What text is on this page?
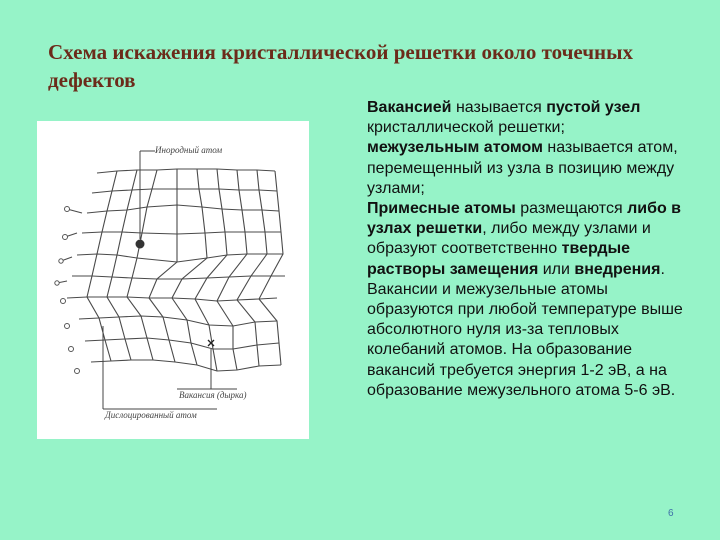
Схема искажения кристаллической решетки около точечных дефектов
Инородный атом
Вакансия (дырка)
Дислоцированный атом
Вакансией называется пустой узел кристаллической решетки;
межузельным атомом называется атом, перемещенный из узла в позицию между узлами;
Примесные атомы размещаются либо в узлах решетки, либо между узлами и образуют соответственно твердые растворы замещения или внедрения. Вакансии и межузельные атомы образуются при любой температуре выше абсолютного нуля из-за тепловых колебаний атомов. На образование вакансий требуется энергия 1-2 эВ, а на образование межузельного атома 5-6 эВ.
6
